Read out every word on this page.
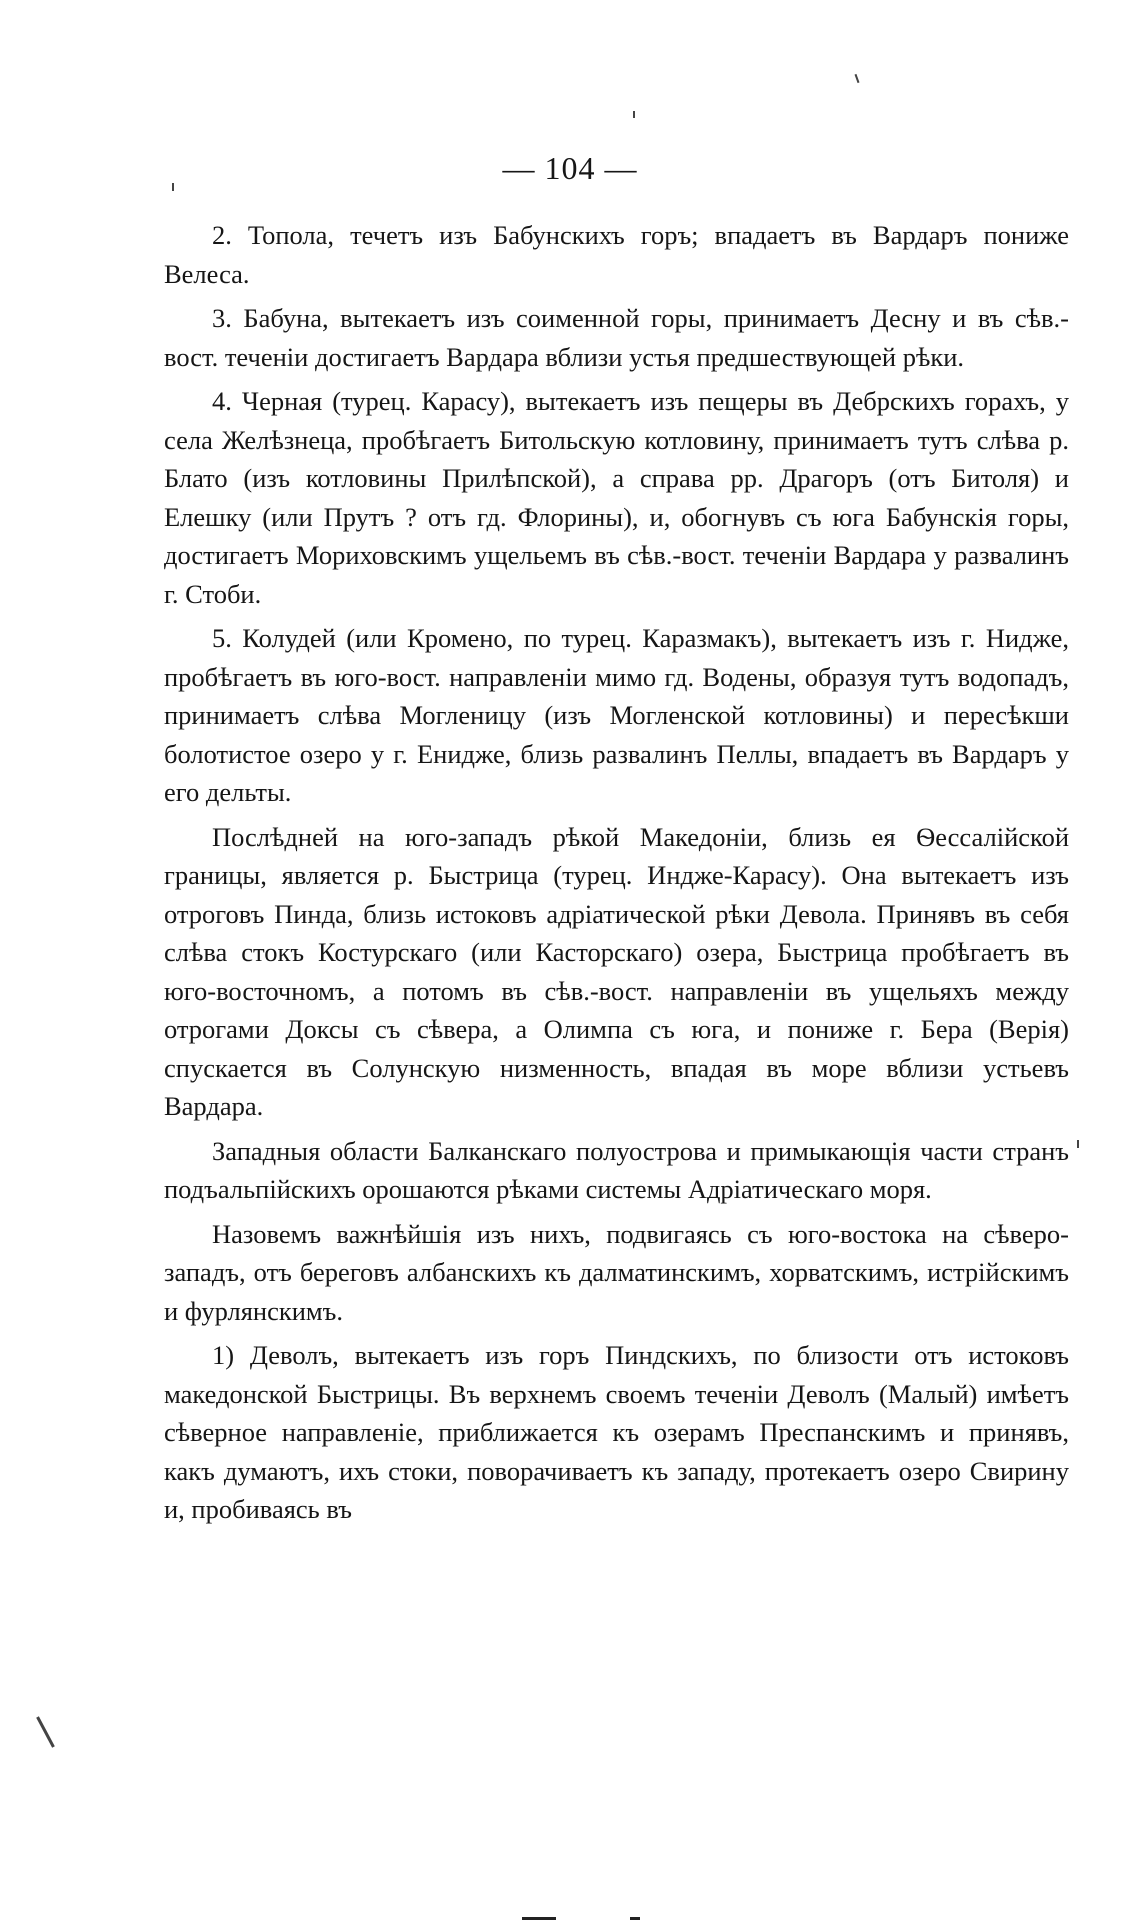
— 104 —

2. Топола, течетъ изъ Бабунскихъ горъ; впадаетъ въ Вардаръ пониже Велеса.

3. Бабуна, вытекаетъ изъ соименной горы, принимаетъ Десну и въ сѣв.-вост. теченіи достигаетъ Вардара вблизи устья предшествующей рѣки.

4. Черная (турец. Карасу), вытекаетъ изъ пещеры въ Дебрскихъ горахъ, у села Желѣзнеца, пробѣгаетъ Битольскую котловину, принимаетъ тутъ слѣва р. Блато (изъ котловины Прилѣпской), а справа рр. Драгоръ (отъ Битоля) и Елешку (или Прутъ ? отъ гд. Флорины), и, обогнувъ съ юга Бабунскія горы, достигаетъ Мориховскимъ ущельемъ въ сѣв.-вост. теченіи Вардара у развалинъ г. Стоби.

5. Колудей (или Кромено, по турец. Каразмакъ), вытекаетъ изъ г. Нидже, пробѣгаетъ въ юго-вост. направленіи мимо гд. Водены, образуя тутъ водопадъ, принимаетъ слѣва Могленицу (изъ Могленской котловины) и пересѣкши болотистое озеро у г. Енидже, близь развалинъ Пеллы, впадаетъ въ Вардаръ у его дельты.

Послѣдней на юго-западъ рѣкой Македоніи, близь ея Ѳессалійской границы, является р. Быстрица (турец. Индже-Карасу). Она вытекаетъ изъ отроговъ Пинда, близь истоковъ адріатической рѣки Девола. Принявъ въ себя слѣва стокъ Костурскаго (или Касторскаго) озера, Быстрица пробѣгаетъ въ юго-восточномъ, а потомъ въ сѣв.-вост. направленіи въ ущельяхъ между отрогами Доксы съ сѣвера, а Олимпа съ юга, и пониже г. Бера (Верія) спускается въ Солунскую низменность, впадая въ море вблизи устьевъ Вардара.

Западныя области Балканскаго полуострова и примыкающія части странъ подъальпійскихъ орошаются рѣками системы Адріатическаго моря.

Назовемъ важнѣйшія изъ нихъ, подвигаясь съ юго-востока на сѣверо-западъ, отъ береговъ албанскихъ къ далматинскимъ, хорватскимъ, истрійскимъ и фурлянскимъ.

1) Деволъ, вытекаетъ изъ горъ Пиндскихъ, по близости отъ истоковъ македонской Быстрицы. Въ верхнемъ своемъ теченіи Деволъ (Малый) имѣетъ сѣверное направленіе, приближается къ озерамъ Преспанскимъ и принявъ, какъ думаютъ, ихъ стоки, поворачиваетъ къ западу, протекаетъ озеро Свирину и, пробиваясь въ
